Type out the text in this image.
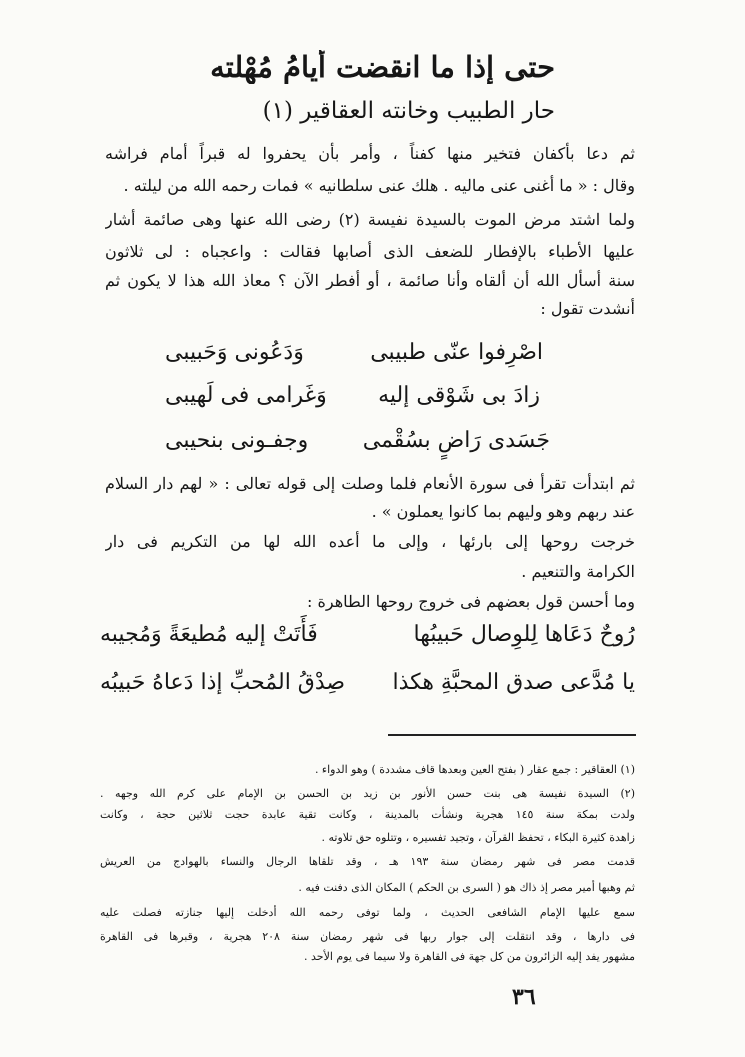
حتى إذا ما انقضت أيامُ مُهْلته
حار الطبيب وخانته العقاقير (١)
ثم دعا بأكفان فتخير منها كفناً ، وأمر بأن يحفروا له قبراً أمام فراشه
وقال : « ما أغنى عنى ماليه . هلك عنى سلطانيه » فمات رحمه الله من ليلته .
ولما اشتد مرض الموت بالسيدة نفيسة (٢) رضى الله عنها وهى صائمة أشار
عليها الأطباء بالإفطار للضعف الذى أصابها فقالت : واعجباه : لى ثلاثون
سنة أسأل الله أن ألقاه وأنا صائمة ، أو أفطر الآن ؟ معاذ الله هذا لا يكون ثم
أنشدت تقول :
اصْرِفوا عنّى طبيبى
وَدَعُونى وَحَبيبى
زادَ بى شَوْقى إليه
وَغَرامى فى لَهيبى
جَسَدى رَاضٍ بسُقْمى
وجفـونى بنحيبى
ثم ابتدأت تقرأ فى سورة الأنعام فلما وصلت إلى قوله تعالى : « لهم دار السلام
عند ربهم وهو وليهم بما كانوا يعملون » .
خرجت روحها إلى بارئها ، وإلى ما أعده الله لها من التكريم فى دار
الكرامة والتنعيم .
وما أحسن قول بعضهم فى خروج روحها الطاهرة :
رُوحٌ دَعَاها لِلوِصال حَبيبُها
فَأَتَتْ إليه مُطيعَةً وَمُجيبه
يا مُدَّعى صدق المحبَّةِ هكذا
صِدْقُ المُحبِّ إذا دَعاهُ حَبيبُه
(١) العقاقير : جمع عقار ( بفتح العين وبعدها قاف مشددة ) وهو الدواء .
(٢) السيدة نفيسة هى بنت حسن الأنور بن زيد بن الحسن بن الإمام على كرم الله وجهه .
ولدت بمكة سنة ١٤٥ هجرية ونشأت بالمدينة ، وكانت تقية عابدة حجت ثلاثين حجة ، وكانت
زاهدة كثيرة البكاء ، تحفظ القرآن ، وتجيد تفسيره ، وتتلوه حق تلاوته .
قدمت مصر فى شهر رمضان سنة ١٩٣ هـ ، وقد تلقاها الرجال والنساء بالهوادج من العريش
ثم وهبها أمير مصر إذ ذاك هو ( السرى بن الحكم ) المكان الذى دفنت فيه .
سمع عليها الإمام الشافعى الحديث ، ولما توفى رحمه الله أدخلت إليها جنازته فصلت عليه
فى دارها ، وقد انتقلت إلى جوار ربها فى شهر رمضان سنة ٢٠٨ هجرية ، وقبرها فى القاهرة
مشهور يفد إليه الزائرون من كل جهة فى القاهرة ولا سيما فى يوم الأحد .
٣٦
